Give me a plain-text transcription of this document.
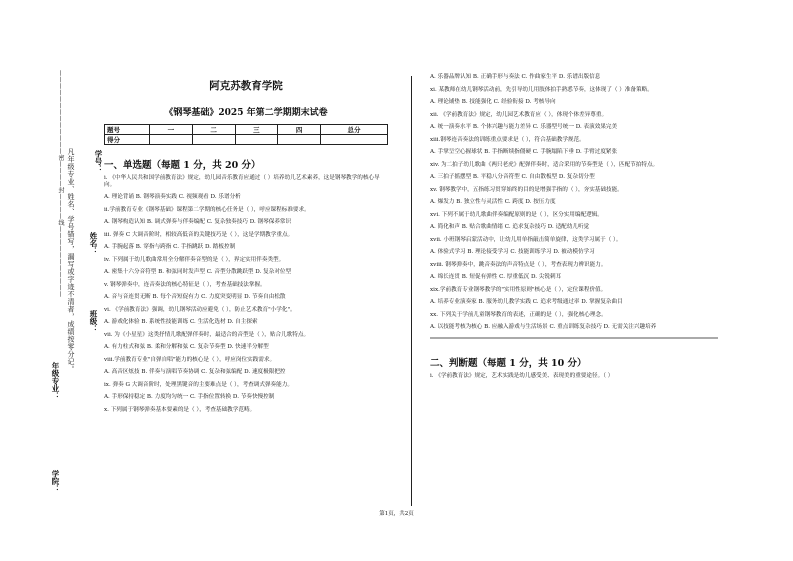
学号：
姓名：
班级：
年级专业：
学院：
凡年级专业、姓名、学号错写，漏写或字迹不清者，成绩按零分记。
—————————————密————封————线———————————	阿克苏教育学院
《钢琴基础》2025 年第二学期期末试卷
题号	一	二	三	四	总分
得分					
一、单选题（每题 1 分，共 20 分）
i. 《中华人民共和国学前教育法》规定，幼儿园音乐教育应通过（ ）培养幼儿艺术素养，这是钢琴教学的核心导向。
A. 理论背诵 B. 钢琴演奏实践 C. 视频观看 D. 乐谱分析
ii.学前教育专业《钢琴基础》课程第二学期的核心任务是（ ），呼应课程标准要求。
A. 钢琴构造认知 B. 调式弹奏与伴奏编配 C. 复杂独奏技巧 D. 钢琴保养常识
iii. 弹奏 C 大调音阶时，相较高低音的关键技巧是（ ），这是学期教学重点。
A. 手腕起落 B. 穿指与跨指 C. 手指跳跃 D. 踏板控制
iv. 下列属于幼儿歌曲常用全分解伴奏音型的是（ ），界定实用伴奏类型。
A. 密集十六分音符型 B. 和弦同时发声型 C. 音型分散跳跃型 D. 复杂对位型
v. 钢琴弹奏中，连音奏法的核心特征是（ ），考查基础技法掌握。
A. 音与音连贯无断 B. 每个音短促有力 C. 力度突变明显 D. 节奏自由松散
vi. 《学前教育法》强调，幼儿钢琴活动应避免（ ），防止艺术教育"小学化"。
A. 游戏化体验 B. 系统性技能训练 C. 生活化选材 D. 自主探索
vii. 为《小星星》这类抒情儿歌配弹伴奏时，最适合的音型是（ ），贴合儿歌特点。
A. 有力柱式和弦 B. 柔和分解和弦 C. 复杂节奏型 D. 快速半分解型
viii.学前教育专业"自弹自唱"能力的核心是（ ），呼应岗位实践需求。
A. 高音区炫技 B. 伴奏与演唱节奏协调 C. 复杂和弦编配 D. 速度极限把控
ix. 弹奏 G 大调音阶时，处理黑键音的主要难点是（ ），考查调式弹奏能力。
A. 手形保持稳定 B. 力度均匀统一 C. 手指位置转换 D. 节奏快慢控制
x. 下列属于钢琴弹奏基本要素的是（ ），考查基础教学范畴。
A. 乐器品牌认知 B. 正确手形与奏法 C. 作曲家生平 D. 乐谱出版信息
xi. 某教师在幼儿钢琴活动前，先引导幼儿用肢体拍手熟悉节奏，这体现了（ ）准备策略。
A. 理论铺垫 B. 技能强化 C. 经验衔接 D. 考核导向
xii. 《学前教育法》规定，幼儿园艺术教育应（ ），体现个体差异尊重。
A. 统一演奏水平 B. 个体兴趣与能力差异 C. 乐器型号统一 D. 表演效果完美
xiii.钢琴连音奏法的训练重点要求是（ ），符合基础教学规范。
A. 手掌呈空心握球状 B. 手指断续指僵硬 C. 手腕塌陷下垂 D. 手臂过度紧张
xiv. 为二拍子幼儿歌曲《两只老虎》配弹伴奏时，适合采用的节奏型是（ ），匹配节拍特点。
A. 三拍子摇摆型 B. 平稳八分音符型 C. 自由散板型 D. 复杂切分型
xv. 钢琴教学中，五指练习贯穿始终的目的是增强手指的（ ），夯实基础技能。
A. 爆发力 B. 独立性与灵活性 C. 跨度 D. 按压力度
xvi. 下列不属于幼儿歌曲伴奏编配原则的是（ ），区分实用编配逻辑。
A. 简化和声 B. 贴合歌曲情绪 C. 追求复杂技巧 D. 适配幼儿听觉
xvii. 小班钢琴启蒙活动中，让幼儿用单指敲击简单旋律，这类学习属于（ ）。
A. 体验式学习 B. 理论接受学习 C. 技能训练学习 D. 被动模仿学习
xviii. 钢琴弹奏中，跳音奏法的声音特点是（ ），考查表现力辨识能力。
A. 绵长连贯 B. 短促有弹性 C. 厚重低沉 D. 尖锐刺耳
xix.学前教育专业钢琴教学的"实用性原则"核心是（ ），定位课程价值。
A. 培养专业演奏家 B. 服务幼儿教学实践 C. 追求考级通过率 D. 掌握复杂曲目
xx. 下列关于学前儿童钢琴教育的表述，正确的是（ ），强化核心理念。
A. 以技能考核为核心 B. 应融入游戏与生活场景 C. 重点训练复杂技巧 D. 无需关注兴趣培养
二、判断题（每题 1 分，共 10 分）
i. 《学前教育法》规定，艺术实践是幼儿感受美、表现美的重要途径。（ ）
第1页，共2页
